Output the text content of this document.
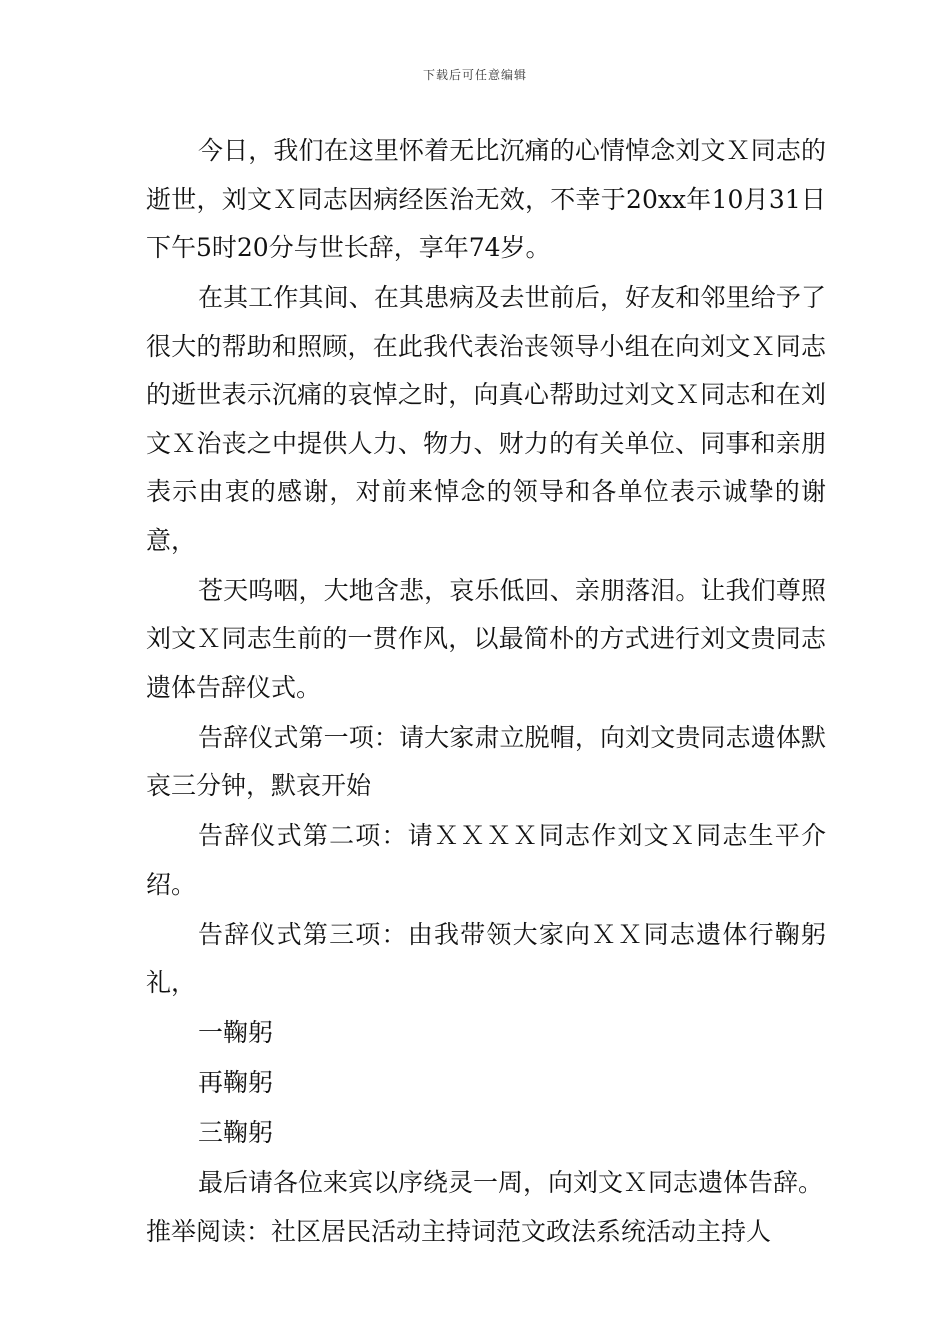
下载后可任意编辑

今日，我们在这里怀着无比沉痛的心情悼念刘文Ｘ同志的逝世，刘文Ｘ同志因病经医治无效，不幸于20xx年10月31日下午5时20分与世长辞，享年74岁。

在其工作其间、在其患病及去世前后，好友和邻里给予了很大的帮助和照顾，在此我代表治丧领导小组在向刘文Ｘ同志的逝世表示沉痛的哀悼之时，向真心帮助过刘文Ｘ同志和在刘文Ｘ治丧之中提供人力、物力、财力的有关单位、同事和亲朋表示由衷的感谢，对前来悼念的领导和各单位表示诚挚的谢意，

苍天呜咽，大地含悲，哀乐低回、亲朋落泪。让我们尊照刘文Ｘ同志生前的一贯作风，以最简朴的方式进行刘文贵同志遗体告辞仪式。

告辞仪式第一项：请大家肃立脱帽，向刘文贵同志遗体默哀三分钟，默哀开始

告辞仪式第二项：请ＸＸＸＸ同志作刘文Ｘ同志生平介绍。

告辞仪式第三项：由我带领大家向ＸＸ同志遗体行鞠躬礼，

一鞠躬

再鞠躬

三鞠躬

最后请各位来宾以序绕灵一周，向刘文Ｘ同志遗体告辞。

推举阅读：社区居民活动主持词范文政法系统活动主持人
